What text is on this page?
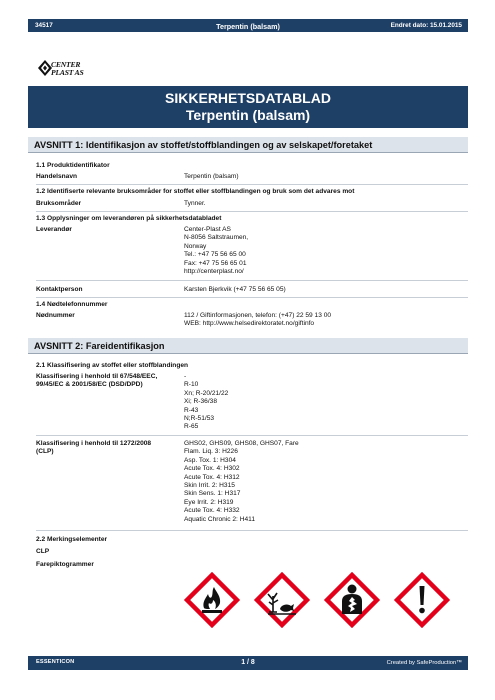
34517	Terpentin (balsam)	Endret dato: 15.01.2015
CENTER
PLAST AS
SIKKERHETSDATABLAD
Terpentin (balsam)
AVSNITT 1: Identifikasjon av stoffet/stoffblandingen og av selskapet/foretaket
1.1 Produktidentifikator
Handelsnavn	Terpentin (balsam)
1.2 Identifiserte relevante bruksområder for stoffet eller stoffblandingen og bruk som det advares mot
Bruksområder	Tynner.
1.3 Opplysninger om leverandøren på sikkerhetsdatabladet
Leverandør	Center-Plast AS
N-8056 Saltstraumen,
Norway
Tel.: +47 75 56 65 00
Fax: +47 75 56 65 01
http://centerplast.no/
Kontaktperson	Karsten Bjerkvik (+47 75 56 65 05)
1.4 Nødtelefonnummer
Nødnummer	112 / Giftinformasjonen, telefon: (+47) 22 59 13 00
WEB: http://www.helsedirektoratet.no/giftinfo
AVSNITT 2: Fareidentifikasjon
2.1 Klassifisering av stoffet eller stoffblandingen
Klassifisering i henhold til 67/548/EEC,
99/45/EC & 2001/58/EC (DSD/DPD)
-
R-10
Xn; R-20/21/22
Xi; R-36/38
R-43
N;R-51/53
R-65
Klassifisering i henhold til 1272/2008
(CLP)
GHS02, GHS09, GHS08, GHS07, Fare
Flam. Liq. 3: H226
Asp. Tox. 1: H304
Acute Tox. 4: H302
Acute Tox. 4: H312
Skin Irrit. 2: H315
Skin Sens. 1: H317
Eye Irrit. 2: H319
Acute Tox. 4: H332
Aquatic Chronic 2: H411
2.2 Merkingselementer
CLP
Farepiktogrammer
ESSENTICON	1 / 8	Created by SafeProduction™
